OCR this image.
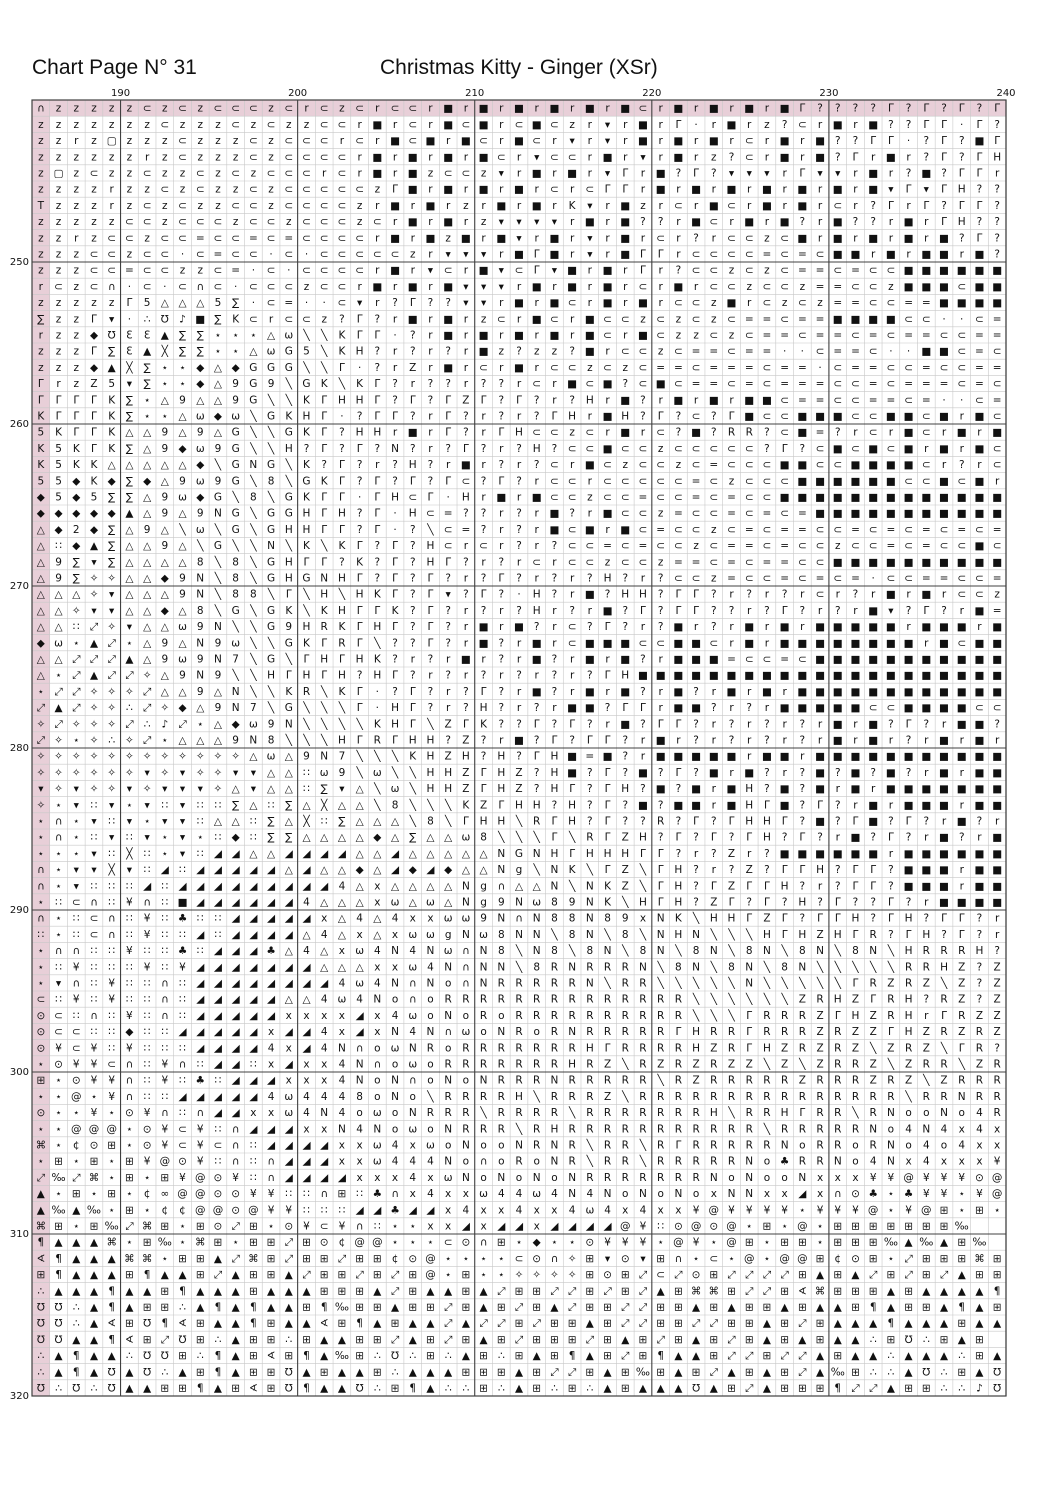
Chart Page N° 31	Christmas Kitty - Ginger (XSr)
∩ z z z z z ⊂ z ⊂ z ⊂ ⊂ ⊂ z ⊂ r ⊂ z ⊂ r ⊂ ⊂ r ■ r ■ r ■ r ■ r ■ r ■ ⊂ r ■ r ■ r ■ r ■ Γ ? ? ? ? Γ ? Γ ? Γ ? Γ
z z z z z z z ⊂ z z z ⊂ z ⊂ z z ⊂ ⊂ r ■ r ⊂ r ■ ⊂ ■ r ⊂ ■ ⊂ z r ▾ r ■ r Γ · r ■ r z ? ⊂ r ■ r ■ ? ? Γ Γ · Γ ?
z z r z ▢ z z z ⊂ z z z ⊂ z ⊂ ⊂ ⊂ r ⊂ r ■ ⊂ ■ r ■ ⊂ r ■ ⊂ r ▾ r ▾ r ■ r ■ r ■ r ⊂ r ■ r ■ ? ? Γ Γ · ? Γ ? ■ Γ
z z z z z z r z ⊂ z z z ⊂ z ⊂ ⊂ ⊂ ⊂ r ■ r ■ r ■ r ■ ⊂ r ▾ ⊂ ⊂ r ■ r ▾ r ■ r z ? ⊂ r ■ r ■ ? Γ r ■ r ? Γ ? Γ H
z ▢ z ⊂ z z ⊂ z z ⊂ z ⊂ z ⊂ ⊂ ⊂ r ⊂ r ■ r ■ z ⊂ ⊂ z ▾ r ■ r ■ r ▾ Γ r ■ ? Γ ? ▾ ▾ ▾ r Γ ▾ ▾ r ■ r ? ■ ? Γ Γ r
z z z z r z z ⊂ z ⊂ z z ⊂ z ⊂ ⊂ ⊂ ⊂ ⊂ z Γ ■ r ■ r ■ r ■ r ⊂ r ⊂ Γ Γ r ■ r ■ r ■ r ■ r ■ r ■ r ■ ▾ Γ ▾ Γ H ? ?
T z z z r z ⊂ z ⊂ z z ⊂ ⊂ z ⊂ ⊂ ⊂ ⊂ z r ■ r ■ r z r ■ r ■ r K ▾ r ■ z r ⊂ r ■ ⊂ r ■ r ■ r ⊂ r ? Γ r Γ ? Γ Γ ?
z z z z z ⊂ ⊂ z ⊂ ⊂ ⊂ z ⊂ ⊂ z ⊂ ⊂ ⊂ z ⊂ r ■ r ■ r z ▾ ▾ ▾ ▾ r ■ r ■ ? ? r ■ ⊂ r ■ r ■ ? r ■ ? ? r ■ r Γ H ? ?
z z r z ⊂ ⊂ z ⊂ ⊂ = ⊂ ⊂ = ⊂ = ⊂ ⊂ ⊂ ⊂ r ■ r ■ z ■ r ■ ▾ r ■ r ▾ r ■ r ⊂ r ? r ⊂ ⊂ z ⊂ ■ r ■ r ■ r ■ r ■ ? Γ ?
z z z ⊂ ⊂ z ⊂ ⊂ · ⊂ = ⊂ ⊂ · ⊂ · ⊂ ⊂ ⊂ ⊂ ⊂ z r ▾ ▾ ▾ r ■ Γ ■ r ▾ r ■ Γ Γ r ⊂ ⊂ ⊂ ⊂ = ⊂ = ⊂ ■ ■ r ■ r ■ ■ r ■ ?
z z z ⊂ ⊂ = ⊂ ⊂ z z ⊂ = · ⊂ · ⊂ ⊂ ⊂ ⊂ r ■ r ▾ ⊂ r ■ ▾ ⊂ Γ ▾ ■ r ■ r Γ r ? ⊂ ⊂ z ⊂ z ⊂ = = ⊂ = ⊂ ⊂ ■ ■ ■ ■ ■ ■
r ⊂ z ⊂ ∩ · ⊂ · ⊂ ∩ ⊂ · ⊂ ⊂ ⊂ z ⊂ ⊂ r ■ r ■ r ■ ▾ ▾ ▾ r ■ r ■ r ■ r ⊂ r ■ r ⊂ ⊂ z ⊂ ⊂ z = = ⊂ ⊂ z ■ ■ ■ ⊂ ■ ■
z z z z z Γ 5 △ △ △ 5 ∑ · ⊂ = · · ⊂ ▾ r ? Γ ? ? ▾ ▾ r ■ r ■ ⊂ r ■ r ■ r ⊂ ⊂ z ■ r ⊂ z ⊂ z = = ⊂ ⊂ = = ■ ■ ■ ■
∑ z z Γ ▾ · ∴ ℧ ♪ ■ ∑ K ⊂ r ⊂ ⊂ z ? Γ ? r ■ r ■ r z ⊂ r ■ ⊂ r ■ ⊂ ⊂ z ⊂ z ⊂ z ⊂ = = ⊂ = = ■ ■ ■ ■ ⊂ ⊂ · · ⊂ =
r z z ◆ ℧ Ɛ Ɛ ▲ ∑ ∑ ⋆ ⋆ ⋆ △ ω ╲ ╲ K Γ Γ · ? r ■ r ■ r ■ r ■ r ■ ⊂ r ■ ⊂ z z ⊂ z ⊂ = = ⊂ = = ⊂ = ⊂ = = ⊂ ⊂ = =
z z z Γ ∑ Ɛ ▲ ╳ ∑ ∑ ⋆ ⋆ △ ω G 5 ╲ K H ? r ? r ? r ■ z ? z z ? ■ r ⊂ ⊂ z ⊂ = = ⊂ = = · · ⊂ = = ⊂ · · ■ ■ ⊂ = ⊂
z z z ◆ ▲ ╳ ∑ ⋆ ⋆ ◆ △ ◆ G G G ╲ ╲ Γ · ? r Z r ■ r ⊂ r ■ r ⊂ ⊂ z ⊂ z ⊂ = = ⊂ = = = ⊂ = = · ⊂ = = ⊂ ⊂ = ⊂ ⊂ = =
Γ r z Z 5 ▾ ∑ ⋆ ⋆ ◆ △ 9 G 9 ╲ G K ╲ K Γ ? r ? ? r ? ? r ⊂ r ■ ⊂ ■ ? ⊂ ■ ⊂ = = ⊂ = ⊂ = = = ⊂ ⊂ = ⊂ = = = ⊂ = ⊂
Γ Γ Γ Γ K ∑ ⋆ △ 9 △ △ 9 G ╲ ╲ K Γ H H Γ ? Γ ? Γ Z Γ ? Γ ? r ? H r ■ ? r ■ r ■ r ■ ■ ⊂ = = ⊂ ⊂ = = ⊂ = · · ⊂ =
K Γ Γ Γ K ∑ ⋆ ⋆ △ ω ◆ ω ╲ G K H Γ · ? Γ Γ ? r Γ ? r ? r ? Γ H r ■ H ? Γ ? ⊂ ? Γ ■ ⊂ ⊂ ■ ■ ■ ⊂ ⊂ ■ ■ ⊂ ■ r ■ ⊂
5 K Γ Γ K △ △ 9 △ 9 △ G ╲ ╲ G K Γ ? H H r ■ r Γ ? r Γ H ⊂ ⊂ z ⊂ r ■ r ⊂ ? ■ ? R R ? ⊂ ■ = ? r ⊂ r ■ ⊂ r ■ r ■
K 5 K Γ K ∑ △ 9 ◆ ω 9 G ╲ ╲ H ? Γ ? Γ ? N ? r ? Γ ? r ? H ? ⊂ ⊂ ■ ⊂ ⊂ z ⊂ ⊂ ⊂ ⊂ ⊂ ? Γ ? ⊂ ■ ⊂ ■ ⊂ ■ r ■ r ■ ⊂
K 5 K K △ △ △ △ △ ◆ ╲ G N G ╲ K ? Γ ? r ? H ? r ■ r ? r ? ⊂ r ■ ⊂ z ⊂ ⊂ z ⊂ = ⊂ ⊂ ⊂ ■ ■ ⊂ ⊂ ■ ■ ■ ■ ⊂ r ? r ⊂
5 5 ◆ K ◆ ∑ ◆ △ 9 ω 9 G ╲ 8 ╲ G K Γ ? Γ ? Γ ? Γ ⊂ ? Γ ? r ⊂ ⊂ r ⊂ ⊂ ⊂ ⊂ ⊂ = ⊂ z ⊂ ⊂ ⊂ ■ ■ ■ ■ ■ ■ ⊂ ⊂ ■ ⊂ ■ r
◆ 5 ◆ 5 ∑ ∑ △ 9 ω ◆ G ╲ 8 ╲ G K Γ Γ · Γ H ⊂ Γ · H r ■ r ■ ⊂ ⊂ z ⊂ ⊂ = ⊂ ⊂ = ⊂ = ⊂ ⊂ ■ ■ ■ ■ ■ ■ ■ ■ ■ ■ ■ ■ ■
◆ ◆ ◆ ◆ ◆ ▲ △ 9 △ 9 N G ╲ G G H Γ H ? Γ · H ⊂ = ? ? r ? r ■ ? r ■ ⊂ ⊂ z = ⊂ ⊂ = ⊂ = ⊂ = ■ ■ ■ ■ ■ ■ ■ ■ ■ ■ ■
△ ◆ 2 ◆ ∑ △ 9 △ ╲ ω ╲ G ╲ G H H Γ Γ ? Γ · ? ╲ ⊂ = ? r ? r ■ ⊂ ■ r ■ ⊂ = ⊂ ⊂ z ⊂ = ⊂ = = ⊂ ⊂ = ⊂ = ⊂ = ⊂ = ⊂ =
△ ∷ ◆ ▲ ∑ △ △ 9 △ ╲ G ╲ ╲ N ╲ K ╲ K Γ ? Γ ? H ⊂ r ⊂ r ? r ? ⊂ ⊂ = ⊂ = ⊂ ⊂ z ⊂ = = ⊂ = ⊂ ⊂ z ⊂ ⊂ = ⊂ = ⊂ ⊂ ■ ⊂
△ 9 ∑ ▾ ∑ △ △ △ △ 8 ╲ 8 ╲ G H Γ Γ ? K ? Γ ? H Γ ? r ? r ⊂ r ⊂ ⊂ z ⊂ ⊂ z = = ⊂ = ⊂ = = ⊂ ⊂ ■ ■ ■ ■ ■ ■ ■ ■ ■ ■
△ 9 ∑ ✧ ✧ △ △ ◆ 9 N ╲ 8 ╲ G H G N H Γ ? Γ ? Γ ? r ? Γ ? r ? r ? H ? r ? ⊂ ⊂ z = ⊂ ⊂ = ⊂ = ⊂ = · ⊂ ⊂ = = ⊂ ⊂ =
△ △ △ ✧ ▾ △ △ △ 9 N ╲ 8 8 ╲ Γ ╲ H ╲ H K Γ ? Γ ▾ ? Γ ? · H ? r ■ ? H H ? Γ Γ ? r ? r ? r ⊂ r ? r ■ r ■ r ⊂ ⊂ z
△ △ ✧ ▾ ▾ △ △ ◆ △ 8 ╲ G ╲ G K ╲ K H Γ Γ K ? Γ ? r ? r ? H r ? r ■ ? Γ ? Γ Γ ? ? r ? Γ ? r ? r ■ ▾ ? Γ ? r ■ =
△ △ ∷ ⤢ ✧ ▾ △ △ ω 9 N ╲ ╲ G 9 H R K Γ H Γ ? Γ ? r ■ r ■ ? r ⊂ ? Γ ? r ? ■ r ? r ■ r ■ r ■ ■ ■ ■ ■ r ■ ■ ■ r ■
◆ ω ⋆ ▲ ⤢ ⋆ △ 9 △ N 9 ω ╲ ╲ G K Γ R Γ ╲ ? ? Γ ? r ■ ? r ■ r ⊂ ■ ■ ■ ⊂ ⊂ ■ ■ ⊂ r ■ r ■ ■ ■ ■ ■ ■ ■ ■ r ■ ⊂ ■ ■
△ △ ⤢ ⤢ ⤢ ▲ △ 9 ω 9 N 7 ╲ G ╲ Γ H Γ H K ? r ? r ■ r ? r ■ ? r ■ r ■ ? r ■ ■ ■ = ⊂ ⊂ = ⊂ ■ ■ ■ ■ ■ ■ ■ ■ ■ ■ ■
△ ⋆ ⤢ ▲ ⤢ ⤢ ✧ △ 9 N 9 ╲ ╲ H Γ H Γ H ? H Γ ? r ? r ? r ? r ? r ? Γ H ■ ■ ■ ■ ■ ■ ■ ■ ■ ■ ■ ■ ■ ■ ■ ■ ■ ■ ■ ■ ■
⋆ ⤢ ⤢ ✧ ✧ ✧ ⤢ △ △ 9 △ N ╲ ╲ K R ╲ K Γ · ? Γ ? r ? Γ ? r ■ ? r ■ r ■ ? r ■ ? r ■ r ■ r ■ ■ ■ ■ ■ ■ ■ ■ ■ ■ ■ ■
⤢ ▲ ⤢ ✧ ✧ ∴ ⤢ ✧ ◆ △ 9 N 7 ╲ G ╲ ╲ ╲ Γ · H Γ ? r ? H ? r ? r ■ ■ ? Γ Γ r ■ ■ ? r ? r ■ ■ ■ ■ ■ ⊂ ⊂ ■ ■ ■ ■ ⊂ ⊂
✧ ⤢ ✧ ✧ ✧ ⤢ ∴ ♪ ⤢ ⋆ △ ◆ ω 9 N ╲ ╲ ╲ ╲ K H Γ ╲ Z Γ K ? ? Γ ? Γ ? r ■ ? Γ Γ ? r ? r ? r ? r ■ r ■ ? Γ ? r ■ ■ ?
⤢ ✧ ⋆ ✧ ∴ ✧ ⤢ ⋆ △ △ △ 9 N 8 ╲ ╲ ╲ H Γ R Γ H H ? Z ? r ■ ? Γ ? Γ Γ ? r ■ r ? r ? r ? r ? r ■ r ■ r ? r ■ r ■ r
✧ ✧ ✧ ✧ ✧ ✧ ✧ ✧ ✧ ✧ ✧ ✧ △ ω △ 9 N 7 ╲ ╲ ╲ K H Z H ? H ? Γ H ■ = ■ ? r ■ ■ ■ ■ ■ r ■ ■ r ■ ■ ■ ■ ■ ■ ■ ■ ■ ■ ■
✧ ✧ ✧ ✧ ✧ ✧ ▾ ✧ ▾ ✧ ✧ ▾ ▾ △ △ ∷ ω 9 ╲ ω ╲ ╲ H H Z Γ H Z ? H ■ ? Γ ? ■ ? Γ ? ■ r ■ ? r ? ■ ? ■ ? ■ ? r ■ r ■ ■
▾ ✧ ▾ ✧ ✧ ▾ ✧ ▾ ▾ ▾ ✧ △ ▾ △ △ ∷ ∑ ▾ △ ╲ ω ╲ H H Z Γ H Z ? H Γ ? Γ H ? ■ ? ■ r ■ H ? ■ ? ■ r ■ r ■ ■ ■ ■ ■ ■ ■
✧ ⋆ ▾ ∷ ▾ ⋆ ▾ ∷ ▾ ∷ ∷ ∑ △ ∷ ∑ △ ╳ △ △ ╲ 8 ╲ ╲ ╲ K Z Γ H H ? H ? Γ ? ■ ? ■ ■ r ■ H Γ ■ ? Γ ? r ■ r ■ ■ ■ r ■ ■
⋆ ∩ ⋆ ▾ ∷ ▾ ⋆ ▾ ▾ ∷ △ △ ∷ ∑ △ ╳ ∷ ∑ △ △ △ ╲ 8 ╲ Γ H H ╲ R Γ H ? Γ ? ? R ? Γ ? Γ H H Γ ? ■ ? Γ ■ ? Γ ? r ■ ? r
⋆ ∩ ⋆ ∷ ▾ ∷ ▾ ⋆ ▾ ⋆ ∷ ◆ ∷ ∑ ∑ △ △ △ △ ◆ △ ∑ △ △ ω 8 ╲ ╲ ╲ Γ ╲ R Γ Z H ? Γ ? Γ ? Γ H ? Γ ? r ■ ? Γ ? r ■ ? r ■
⋆ ⋆ ⋆ ▾ ∷ ╳ ∷ ⋆ ▾ ∷ ◢ ◢ △ △ ◢ ◢ ◢ ◢ △ △ ◢ △ △ △ △ △ N G N H Γ H H H Γ Γ ? r ? Z r ? ■ ■ ■ ■ ■ ■ r ■ ■ ■ ■ ■ ■
∩ ⋆ ▾ ▾ ╳ ▾ ∷ ◢ ∷ ◢ ◢ ◢ ◢ ◢ △ ◢ △ △ ◆ △ ◢ ◆ ◢ ◆ △ △ N g ╲ N K ╲ Γ Z ╲ Γ H ? r ? Z ? Γ Γ H ? Γ Γ ? ■ ■ ■ r ■ ■
∩ ⋆ ▾ ∷ ∷ ∷ ◢ ∷ ◢ ◢ ◢ ◢ ◢ ◢ ◢ ◢ ◢ 4 △ x △ △ △ △ N g ∩ △ △ N ╲ N K Z ╲ Γ H ? Γ Z Γ Γ H ? r ? Γ Γ ? ■ ■ ■ r ■ ■
⋆ ∷ ⊂ ∩ ∷ ¥ ∩ ∷ ■ ◢ ◢ ◢ ◢ ◢ ◢ 4 △ △ △ x ω △ ω △ N g 9 N ω 8 9 N K ╲ H Γ H ? Z Γ ? Γ ? H ? Γ ? ? Γ ? r ■ ■ ■ ■
∩ ⋆ ∷ ⊂ ∩ ∷ ¥ ∷ ♣ ∷ ∷ ◢ ◢ ◢ ◢ ◢ x △ 4 △ 4 x x ω ω 9 N ∩ N 8 8 N 8 9 x N K ╲ H H Γ Z Γ ? Γ Γ H ? Γ H ? Γ Γ ? r
∷ ⋆ ∷ ⊂ ∩ ∷ ¥ ∷ ∷ ◢ ∷ ◢ ◢ ◢ ◢ △ 4 △ x △ x ω ω g N ω 8 N N ╲ 8 N ╲ 8 ╲ N H N ╲ ╲ ╲ H Γ H Z H Γ R ? Γ H ? Γ ? r
⋆ ∩ ∩ ∷ ∷ ¥ ∷ ∷ ♣ ∷ ◢ ◢ ◢ ♣ △ 4 △ x ω 4 N 4 N ω ∩ N 8 ╲ N 8 ╲ 8 N ╲ 8 N ╲ 8 N ╲ 8 N ╲ 8 N ╲ 8 N ╲ H R R R H ?
⋆ ∷ ¥ ∷ ∷ ∷ ¥ ∷ ¥ ◢ ◢ ◢ ◢ ◢ ◢ ◢ △ △ △ x x ω 4 N ∩ N N ╲ 8 R N R R R N ╲ 8 N ╲ 8 N ╲ 8 N ╲ ╲ ╲ ╲ ╲ R R H Z ? Z
⋆ ▾ ∩ ∷ ¥ ∷ ∷ ∩ ∷ ◢ ◢ ◢ ◢ ◢ ◢ ◢ ◢ 4 ω 4 N ∩ N o ∩ N R R R R R N ╲ R R ╲ ╲ ╲ ╲ ╲ N ╲ ╲ ╲ ╲ ╲ Γ R Z R Z ╲ Z ? Z
⊂ ∷ ¥ ∷ ¥ ∷ ∷ ∩ ∷ ◢ ◢ ◢ ◢ ◢ △ △ 4 ω 4 N o ∩ o R R R R R R R R R R R R R R ╲ ╲ ╲ ╲ ╲ ╲ Z R H Z Γ R H ? R Z ? Z
⊙ ⊂ ∷ ∩ ∷ ¥ ∷ ∩ ∷ ◢ ◢ ◢ ◢ ◢ x x x x ◢ x 4 ω o N o R o R R R R R R R R R R ╲ ╲ ╲ Γ R R R Z Γ H Z R H r Γ R Z Z
⊙ ⊂ ⊂ ∷ ∷ ◆ ∷ ∷ ◢ ◢ ◢ ◢ ◢ x ◢ ◢ 4 x ◢ x N 4 N ∩ ω o N R o R N R R R R R Γ H R R Γ R R R Z R Z Z Γ H Z R Z R Z
⊙ ¥ ⊂ ¥ ∷ ¥ ∷ ∷ ∷ ◢ ◢ ◢ ◢ 4 x ◢ 4 N ∩ o ω N R o R R R R R R R H Γ R R R R H Z R Γ H Z R Z R Z ╲ Z R Z ╲ Γ R ?
⋆ ⊙ ¥ ¥ ⊂ ∩ ∷ ¥ ∩ ∷ ◢ ◢ ∷ x ◢ x x 4 N ∩ o ω o R R R R R R R H R Z ╲ R Z R Z R Z Z ╲ Z ╲ Z R R Z ╲ Z R R ╲ Z R
⊞ ⋆ ⊙ ¥ ¥ ∩ ∷ ¥ ∷ ♣ ∷ ◢ ◢ ◢ x x x 4 N o N ∩ o N o N R R R N R R R R R ╲ R Z R R R R R Z R R R Z R Z ╲ Z R R R
⋆ ⋆ @ ⋆ ¥ ∩ ∷ ∷ ◢ ◢ ◢ ◢ ◢ 4 ω 4 4 4 8 o N o ╲ R R R R H ╲ R R R Z ╲ R R R R R R R R R R R R R R R ╲ R R N R R
⊙ ⋆ ⋆ ¥ ⋆ ⊙ ¥ ∩ ∷ ∩ ◢ ◢ x x ω 4 N 4 o ω o N R R R ╲ R R R R ╲ R R R R R R R H ╲ R R H Γ R R ╲ R N o o N o 4 R
⋆ ⋆ @ @ @ ⋆ ⊙ ¥ ⊂ ¥ ∷ ∩ ◢ ◢ ◢ x x N 4 N o ω o N R R R ╲ R H R R R R R R R R R R R ╲ R R R R R N o 4 N 4 x 4 x
⌘ ⋆ ¢ ⊙ ⊞ ⋆ ⊙ ¥ ⊂ ¥ ⊂ ∩ ∷ ◢ ◢ ◢ ◢ x x ω 4 x ω o N o o N R N R ╲ R R ╲ R Γ R R R R R N o R R o R N o 4 o 4 x x
⋆ ⊞ ⋆ ⊞ ⋆ ⊞ ¥ @ ⊙ ¥ ∷ ∩ ∷ ∩ ◢ ◢ ◢ x x ω 4 4 4 N o ∩ o R o N R ╲ R R ╲ R R R R R N o ♣ R R N o 4 N x 4 x x x ¥
⤢ ‰ ⤢ ⌘ ⋆ ⊞ ⋆ ⊞ ¥ @ ⊙ ¥ ∷ ∩ ◢ ◢ ◢ ◢ x x x 4 x ω N o N o N o N R R R R R R R N o N o o N x x x ¥ ¥ @ ¥ ¥ ¥ ⊙ @
▲ ⋆ ⊞ ⋆ ⊞ ⋆ ¢ ∞ @ @ ⊙ ⊙ ¥ ¥ ∷ ∷ ∩ ⊞ ∷ ♣ ∩ x 4 x x ω 4 4 ω 4 N 4 N o N o N o x N N x x ◢ x ∩ ⊙ ♣ ⋆ ♣ ¥ ¥ ⋆ ¥ @
▲ ‰ ▲ ‰ ⋆ ⊞ ⋆ ¢ ¢ @ @ ⊙ @ ¥ ¥ ∷ ∷ ∷ ◢ ◢ ♣ ◢ ◢ x 4 x x 4 x x 4 ω 4 x 4 x x ¥ @ ¥ ¥ ¥ ¥ ⋆ ¥ ¥ ¥ @ ⋆ ¥ @ ⊞ ⋆ ⊞ ⋆
⌘ ⊞ ⋆ ⊞ ‰ ⤢ ⌘ ⊞ ⋆ ⊞ ⊙ ⤢ ⊞ ⋆ ⊙ ¥ ⊂ ¥ ∩ ∷ ⋆ ⋆ x x ◢ x ◢ ◢ x ◢ ◢ ◢ ◢ @ ¥ ∷ ⊙ @ ⊙ @ ⋆ ⊞ ⋆ @ ⋆ ⊞ ⊞ ⊞ ⊞ ⊞ ⊞ ⊞ ‰
¶ ▲ ▲ ▲ ⌘ ⋆ ⊞ ‰ ⋆ ⌘ ⊞ ⋆ ⊞ ⊞ ⤢ ⊞ ⊙ ¢ @ @ ⋆ ⋆ ⋆ ⊂ ⊙ ∩ ⊞ ⋆ ◆ ⋆ ⋆ ⊙ ¥ ¥ ¥ ⋆ @ ¥ ⋆ @ ⊞ ⋆ ⊞ ⊞ ⋆ ⊞ ⊞ ⊞ ‰ ▲ ‰ ▲ ⊞ ‰
∢ ¶ ▲ ▲ ▲ ⌘ ⌘ ⋆ ⊞ ⊞ ▲ ⤢ ⌘ ⊞ ⤢ ⊞ ⊞ ⤢ ⊞ ⊞ ¢ ⊙ @ ⋆ ⋆ ⋆ ⋆ ⊂ ⊙ ∩ ✧ ⊞ ▾ ⊙ ▾ ⊞ ∩ ⋆ ⊂ ⋆ @ ⋆ @ @ ⊞ ¢ ⊙ ⊞ ⋆ ⤢ ⊞ ⊞ ⊞ ⌘ ⊞
⊞ ¶ ▲ ▲ ▲ ⊞ ¶ ▲ ▲ ⊞ ⤢ ▲ ⊞ ⊞ ▲ ⤢ ⊞ ⊞ ⤢ ⊞ ⤢ ⊞ @ ⋆ ⊞ ⋆ ⋆ ✧ ✧ ✧ ✧ ⊞ ⊙ ⊞ ⤢ ⊂ ⤢ ⊙ ⊞ ⤢ ⤢ ⤢ ⤢ ⊞ ▲ ⊞ ▲ ⤢ ⊞ ⤢ ⊞ ⤢ ▲ ⊞ ⊞
∴ ▲ ▲ ▲ ¶ ▲ ▲ ⊞ ¶ ▲ ▲ ▲ ⊞ ▲ ▲ ▲ ⊞ ⊞ ⊞ ▲ ⤢ ⊞ ▲ ▲ ⊞ ▲ ⤢ ⊞ ⊞ ⤢ ⤢ ⊞ ⤢ ⊞ ⤢ ▲ ⊞ ⌘ ⌘ ⊞ ⤢ ⤢ ⊞ ∢ ⌘ ⊞ ⊞ ⊞ ▲ ⊞ ▲ ▲ ▲ ▲ ¶
℧ ℧ ∴ ▲ ¶ ▲ ⊞ ⊞ ∴ ▲ ¶ ▲ ¶ ▲ ▲ ⊞ ¶ ‰ ⊞ ⊞ ▲ ⊞ ⊞ ⤢ ⊞ ▲ ⊞ ⤢ ⊞ ▲ ⤢ ⊞ ⊞ ⤢ ⤢ ⊞ ⊞ ▲ ⊞ ▲ ⊞ ⊞ ▲ ⊞ ▲ ▲ ⊞ ¶ ▲ ⊞ ⊞ ▲ ¶ ▲ ⊞
℧ ℧ ∴ ▲ ∢ ⊞ ℧ ¶ ∢ ⊞ ▲ ▲ ¶ ⊞ ▲ ▲ ∢ ⊞ ¶ ▲ ⊞ ▲ ▲ ⤢ ▲ ⤢ ⤢ ⊞ ⤢ ⊞ ⊞ ▲ ⊞ ⤢ ⤢ ⊞ ⊞ ⤢ ⤢ ⊞ ⊞ ▲ ⊞ ⤢ ⊞ ▲ ▲ ▲ ¶ ▲ ▲ ▲ ⊞ ▲ ▲
℧ ℧ ▲ ▲ ¶ ∢ ⊞ ⤢ ℧ ⊞ ∴ ▲ ⊞ ⊞ ∴ ⊞ ▲ ▲ ⊞ ⊞ ⤢ ▲ ⊞ ⤢ ⊞ ▲ ⊞ ⤢ ⊞ ⊞ ⊞ ⤢ ⊞ ▲ ⊞ ⤢ ⊞ ▲ ⊞ ⤢ ⊞ ▲ ⊞ ▲ ⊞ ▲ ▲ ∴ ⊞ ℧ ∴ ⊞ ▲ ⊞
∴ ▲ ¶ ▲ ▲ ∴ ℧ ℧ ⊞ ∴ ¶ ▲ ⊞ ∢ ⊞ ¶ ▲ ‰ ⊞ ∴ ℧ ∴ ⊞ ∴ ▲ ⊞ ∴ ⊞ ▲ ⊞ ¶ ▲ ⊞ ⤢ ⊞ ¶ ▲ ▲ ⊞ ⤢ ⤢ ⊞ ⤢ ⤢ ▲ ⊞ ▲ ▲ ∴ ▲ ▲ ▲ ∴ ⊞ ▲
∴ ▲ ¶ ▲ ℧ ▲ ℧ ∴ ▲ ⊞ ¶ ▲ ⊞ ⊞ ℧ ▲ ⊞ ▲ ▲ ⊞ ∴ ▲ ▲ ▲ ⊞ ⊞ ⊞ ▲ ⊞ ⤢ ⤢ ⊞ ▲ ⊞ ‰ ⊞ ▲ ⊞ ⤢ ▲ ⊞ ▲ ⊞ ⤢ ▲ ‰ ⊞ ∴ ∴ ▲ ℧ ∴ ⊞ ▲ ℧
℧ ∴ ℧ ∴ ℧ ▲ ▲ ⊞ ⊞ ¶ ▲ ⊞ ∢ ⊞ ℧ ¶ ▲ ▲ ℧ ∴ ⊞ ¶ ▲ ∴ ∴ ⊞ ∴ ▲ ⊞ ∴ ⊞ ∴ ▲ ⊞ ▲ ▲ ▲ ℧ ▲ ⊞ ⤢ ▲ ⊞ ⊞ ⊞ ¶ ⤢ ⤢ ▲ ⊞ ⊞ ∴ ∴ ♪ ℧
190	200	210	220	230	240
250
260
270
280
290
300
310
320
